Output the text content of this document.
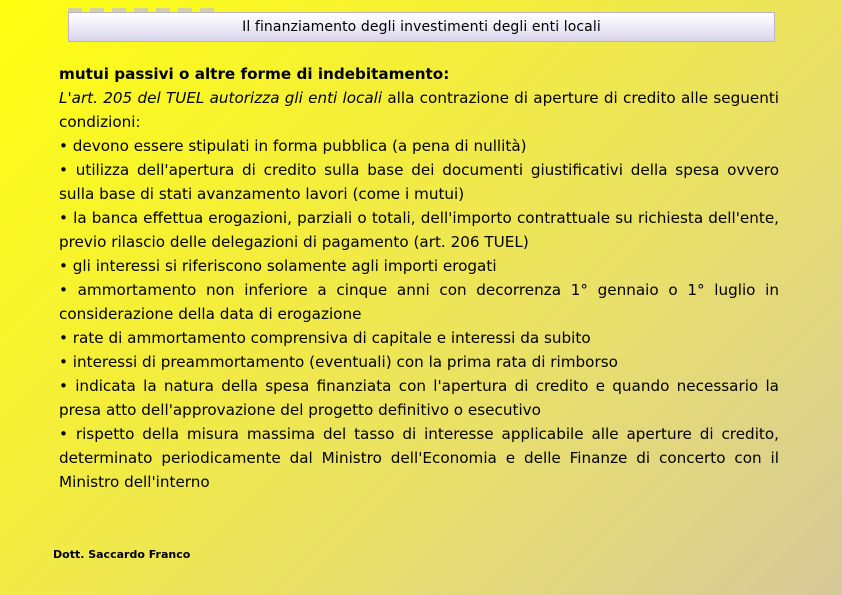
Il finanziamento degli investimenti degli enti locali

mutui passivi o altre forme di indebitamento:

L'art. 205 del TUEL autorizza gli enti locali alla contrazione di aperture di credito alle seguenti condizioni:

• devono essere stipulati in forma pubblica (a pena di nullità)

• utilizza dell'apertura di credito sulla base dei documenti giustificativi della spesa ovvero sulla base di stati avanzamento lavori (come i mutui)

• la banca effettua erogazioni, parziali o totali, dell'importo contrattuale su richiesta dell'ente, previo rilascio delle delegazioni di pagamento (art. 206 TUEL)

• gli interessi si riferiscono solamente agli importi erogati

• ammortamento non inferiore a cinque anni con decorrenza 1° gennaio o 1° luglio in considerazione della data di erogazione

• rate di ammortamento comprensiva di capitale e interessi da subito

• interessi di preammortamento (eventuali) con la prima rata di rimborso

• indicata la natura della spesa finanziata con l'apertura di credito e quando necessario la presa atto dell'approvazione del progetto definitivo o esecutivo

• rispetto della misura massima del tasso di interesse applicabile alle aperture di credito, determinato periodicamente dal Ministro dell'Economia e delle Finanze di concerto con il Ministro dell'interno

Dott. Saccardo Franco
